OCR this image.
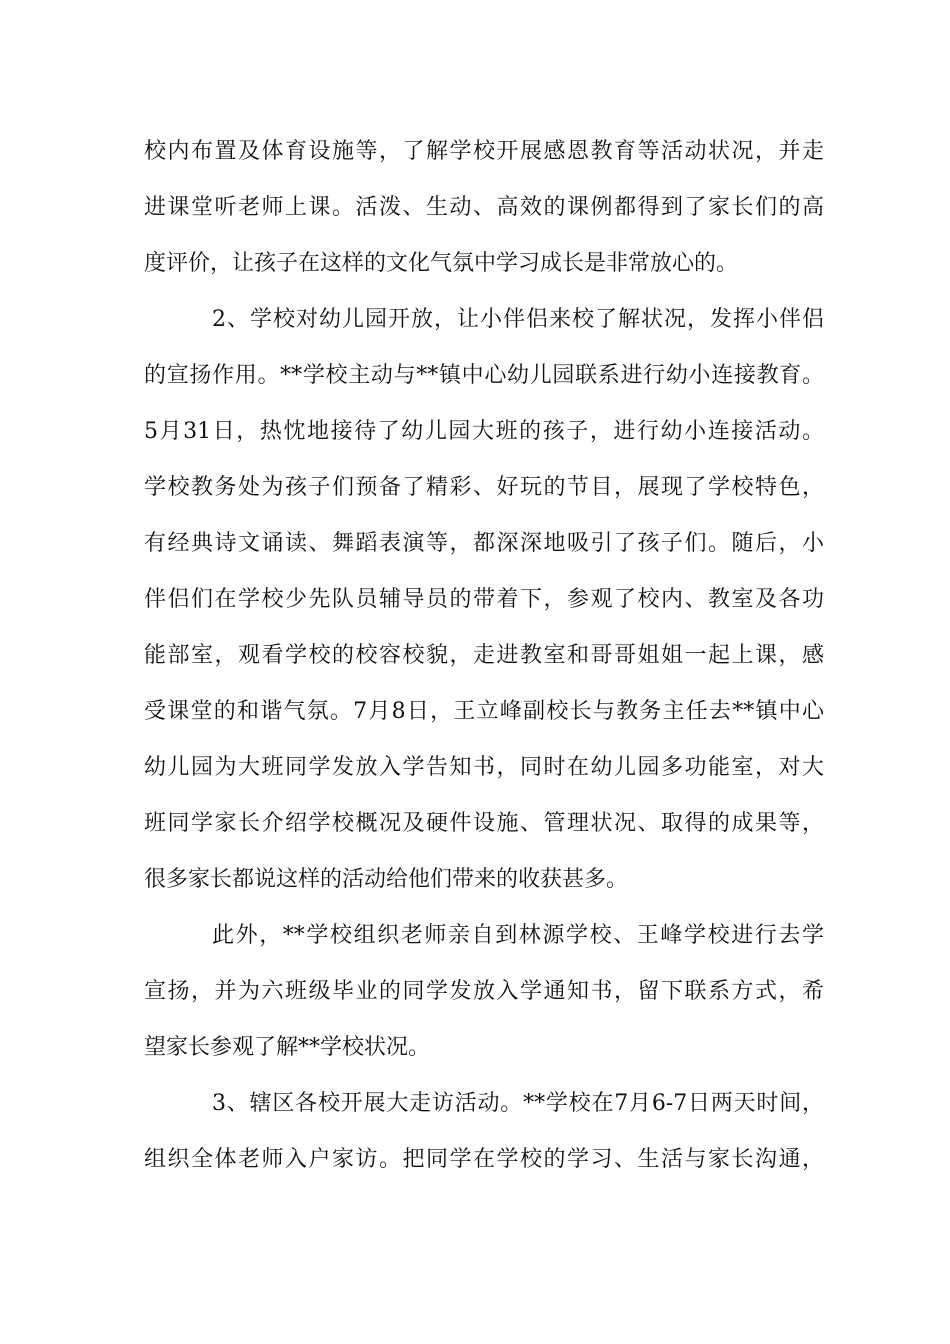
校内布置及体育设施等，了解学校开展感恩教育等活动状况，并走
进课堂听老师上课。活泼、生动、高效的课例都得到了家长们的高
度评价，让孩子在这样的文化气氛中学习成长是非常放心的。
2、学校对幼儿园开放，让小伴侣来校了解状况，发挥小伴侣
的宣扬作用。**学校主动与**镇中心幼儿园联系进行幼小连接教育。
5月31日，热忱地接待了幼儿园大班的孩子，进行幼小连接活动。
学校教务处为孩子们预备了精彩、好玩的节目，展现了学校特色，
有经典诗文诵读、舞蹈表演等，都深深地吸引了孩子们。随后，小
伴侣们在学校少先队员辅导员的带着下，参观了校内、教室及各功
能部室，观看学校的校容校貌，走进教室和哥哥姐姐一起上课，感
受课堂的和谐气氛。7月8日，王立峰副校长与教务主任去**镇中心
幼儿园为大班同学发放入学告知书，同时在幼儿园多功能室，对大
班同学家长介绍学校概况及硬件设施、管理状况、取得的成果等，
很多家长都说这样的活动给他们带来的收获甚多。
此外，**学校组织老师亲自到林源学校、王峰学校进行去学
宣扬，并为六班级毕业的同学发放入学通知书，留下联系方式，希
望家长参观了解**学校状况。
3、辖区各校开展大走访活动。**学校在7月6-7日两天时间，
组织全体老师入户家访。把同学在学校的学习、生活与家长沟通，
